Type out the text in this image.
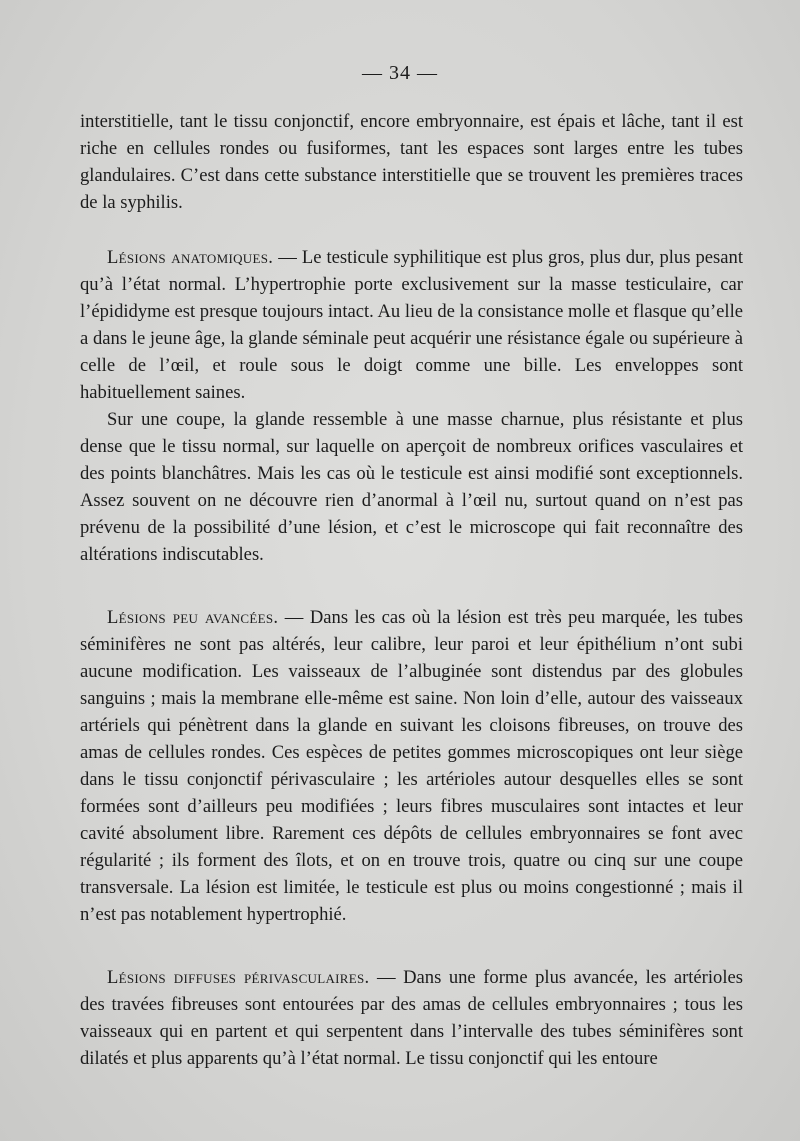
— 34 —

interstitielle, tant le tissu conjonctif, encore embryonnaire, est épais et lâche, tant il est riche en cellules rondes ou fusiformes, tant les espaces sont larges entre les tubes glandulaires. C’est dans cette substance interstitielle que se trouvent les premières traces de la syphilis.

Lésions anatomiques. — Le testicule syphilitique est plus gros, plus dur, plus pesant qu’à l’état normal. L’hypertrophie porte exclusivement sur la masse testiculaire, car l’épididyme est presque toujours intact. Au lieu de la consistance molle et flasque qu’elle a dans le jeune âge, la glande séminale peut acquérir une résistance égale ou supérieure à celle de l’œil, et roule sous le doigt comme une bille. Les enveloppes sont habituellement saines.

Sur une coupe, la glande ressemble à une masse charnue, plus résistante et plus dense que le tissu normal, sur laquelle on aperçoit de nombreux orifices vasculaires et des points blanchâtres. Mais les cas où le testicule est ainsi modifié sont exceptionnels. Assez souvent on ne découvre rien d’anormal à l’œil nu, surtout quand on n’est pas prévenu de la possibilité d’une lésion, et c’est le microscope qui fait reconnaître des altérations indiscutables.

Lésions peu avancées. — Dans les cas où la lésion est très peu marquée, les tubes séminifères ne sont pas altérés, leur calibre, leur paroi et leur épithélium n’ont subi aucune modification. Les vaisseaux de l’albuginée sont distendus par des globules sanguins ; mais la membrane elle-même est saine. Non loin d’elle, autour des vaisseaux artériels qui pénètrent dans la glande en suivant les cloisons fibreuses, on trouve des amas de cellules rondes. Ces espèces de petites gommes microscopiques ont leur siège dans le tissu conjonctif périvasculaire ; les artérioles autour desquelles elles se sont formées sont d’ailleurs peu modifiées ; leurs fibres musculaires sont intactes et leur cavité absolument libre. Rarement ces dépôts de cellules embryonnaires se font avec régularité ; ils forment des îlots, et on en trouve trois, quatre ou cinq sur une coupe transversale. La lésion est limitée, le testicule est plus ou moins congestionné ; mais il n’est pas notablement hypertrophié.

Lésions diffuses périvasculaires. — Dans une forme plus avancée, les artérioles des travées fibreuses sont entourées par des amas de cellules embryonnaires ; tous les vaisseaux qui en partent et qui serpentent dans l’intervalle des tubes séminifères sont dilatés et plus apparents qu’à l’état normal. Le tissu conjonctif qui les entoure
